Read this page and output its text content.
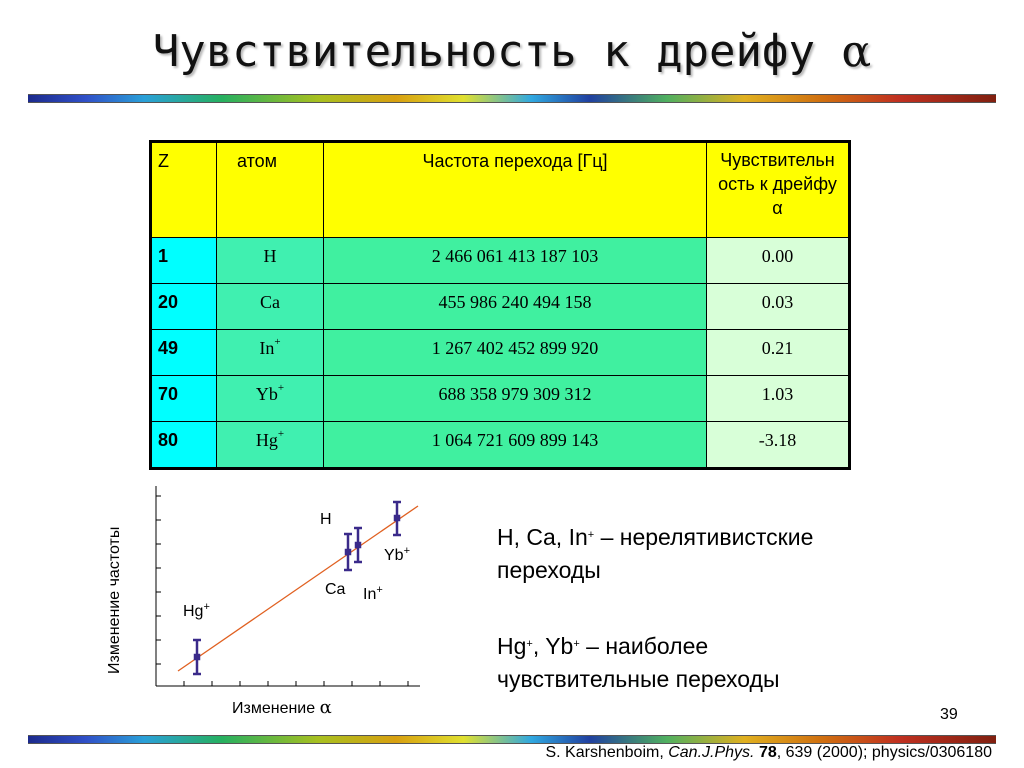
Чувствительность к дрейфу α
Z	атом	Частота перехода [Гц]	Чувствительн
ость к дрейфу
α

1	H	2 466 061 413 187 103	0.00
20	Ca	455 986 240 494 158	0.03
49	In+	1 267 402 452 899 920	0.21
70	Yb+	688 358 979 309 312	1.03
80	Hg+	1 064 721 609 899 143	-3.18
Изменение частоты
Изменение α
H
Yb+
Ca In+
Hg+
H, Ca, In+ – нерелятивистские
переходы
Hg+, Yb+ – наиболее
чувствительные переходы
39
S. Karshenboim, Can.J.Phys. 78, 639 (2000); physics/0306180
